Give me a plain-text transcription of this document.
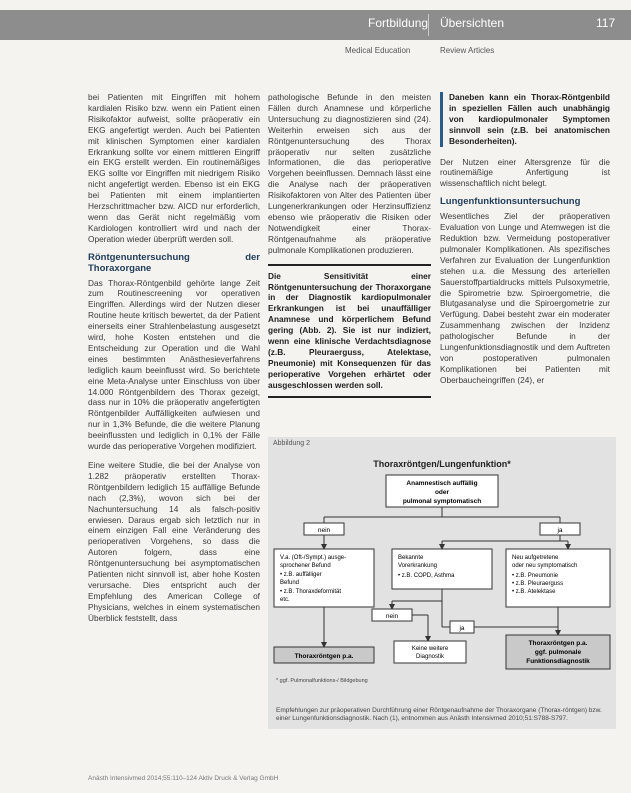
Fortbildung Übersichten	117
Medical Education	Review Articles

bei Patienten mit Eingriffen mit hohem kardialen Risiko bzw. wenn ein Patient einen Risikofaktor aufweist, sollte präoperativ ein EKG angefertigt werden. Auch bei Patienten mit klinischen Symptomen einer kardialen Erkrankung sollte vor einem mittleren Eingriff ein EKG erstellt werden. Ein routinemäßiges EKG sollte vor Eingriffen mit niedrigem Risiko nicht angefertigt werden. Ebenso ist ein EKG bei Patienten mit einem implantierten Herzschrittmacher bzw. AICD nur erforderlich, wenn das Gerät nicht regelmäßig vom Kardiologen kontrolliert wird und nach der Operation wieder überprüft werden soll.

Röntgenuntersuchung der Thoraxorgane

Das Thorax-Röntgenbild gehörte lange Zeit zum Routinescreening vor operativen Eingriffen. Allerdings wird der Nutzen dieser Routine heute kritisch bewertet, da der Patient einerseits einer Strahlenbelastung ausgesetzt wird, hohe Kosten entstehen und die Entscheidung zur Operation und die Wahl eines bestimmten Anästhesieverfahrens lediglich kaum beeinflusst wird. So berichtete eine Meta-Analyse unter Einschluss von über 14.000 Röntgenbildern des Thorax gezeigt, dass nur in 10% die präoperativ angefertigten Röntgenbilder Auffälligkeiten aufwiesen und nur in 1,3% Befunde, die die weitere Planung beeinflussten und lediglich in 0,1% der Fälle wurde das perioperative Vorgehen modifiziert.

Eine weitere Studie, die bei der Analyse von 1.282 präoperativ erstellten Thorax-Röntgenbildern lediglich 15 auffällige Befunde nach (2,3%), wovon sich bei der Nachuntersuchung 14 als falsch-positiv erwiesen. Daraus ergab sich letztlich nur in einem einzigen Fall eine Veränderung des perioperativen Vorgehens, so dass die Autoren folgern, dass eine Röntgenuntersuchung bei asymptomatischen Patienten nicht sinnvoll ist, aber hohe Kosten verursache. Dies entspricht auch der Empfehlung des American College of Physicians, welches in einem systematischen Überblick feststellt, dass

pathologische Befunde in den meisten Fällen durch Anamnese und körperliche Untersuchung zu diagnostizieren sind (24). Weiterhin erweisen sich aus der Röntgenuntersuchung des Thorax präoperativ nur selten zusätzliche Informationen, die das perioperative Vorgehen beeinflussen. Demnach lässt eine die Analyse nach der präoperativen Risikofaktoren von Alter des Patienten über Lungenerkrankungen oder Herzinsuffizienz ebenso wie präoperativ die Risiken oder Notwendigkeit einer Thorax-Röntgenaufnahme als präoperative pulmonale Komplikationen produzieren.

Die Sensitivität einer Röntgenuntersuchung der Thoraxorgane in der Diagnostik kardiopulmonaler Erkrankungen ist bei unauffälliger Anamnese und körperlichem Befund gering (Abb. 2). Sie ist nur indiziert, wenn eine klinische Verdachtsdiagnose (z.B. Pleuraerguss, Atelektase, Pneumonie) mit Konsequenzen für das perioperative Vorgehen erhärtet oder ausgeschlossen werden soll.
Daneben kann ein Thorax-Röntgenbild in speziellen Fällen auch unabhängig von kardiopulmonaler Symptomen sinnvoll sein (z.B. bei anatomischen Besonderheiten).

Der Nutzen einer Altersgrenze für die routinemäßige Anfertigung ist wissenschaftlich nicht belegt.

Lungenfunktionsuntersuchung

Wesentliches Ziel der präoperativen Evaluation von Lunge und Atemwegen ist die Reduktion bzw. Vermeidung postoperativer pulmonaler Komplikationen. Als spezifisches Verfahren zur Evaluation der Lungenfunktion stehen u.a. die Messung des arteriellen Sauerstoffpartialdrucks mittels Pulsoxymetrie, die Spirometrie bzw. Spiroergometrie, die Blutgasanalyse und die Spiroergometrie zur Verfügung. Dabei besteht zwar ein moderater Zusammenhang zwischen der Inzidenz pathologischer Befunde in der Lungenfunktionsdiagnostik und dem Auftreten von postoperativen pulmonalen Komplikationen bei Patienten mit Oberbaucheingriffen (24), er

Abbildung 2
Thoraxröntgen/Lungenfunktion*
Anamnestisch auffällig
oder
pulmonal symptomatisch
nein	ja
V.a. (Oft-/Sympt.) ausge-
sprochener Befund
• z.B. auffälliger
Befund
• z.B. Thoraxdeformität
etc.
Bekannte
Vorerkrankung
• z.B. COPD, Asthma
Neu aufgetretene
oder neu symptomatisch
• z.B. Pneumonie
• z.B. Pleuraerguss
• z.B. Atelektase
nein
ja
Thoraxröntgen p.a.
Keine weitere
Diagnostik
Thoraxröntgen p.a.
ggf. pulmonale
Funktionsdiagnostik
* ggf. Pulmonalfunktions-/ Bildgebung
Empfehlungen zur präoperativen Durchführung einer Röntgenaufnahme der Thoraxorgane (Thorax-röntgen) bzw. einer Lungenfunktionsdiagnostik. Nach (1), entnommen aus Anästh Intensivmed 2010;51:S788-S797.
Anästh Intensivmed 2014;55:110–124 Aktiv Druck & Verlag GmbH
